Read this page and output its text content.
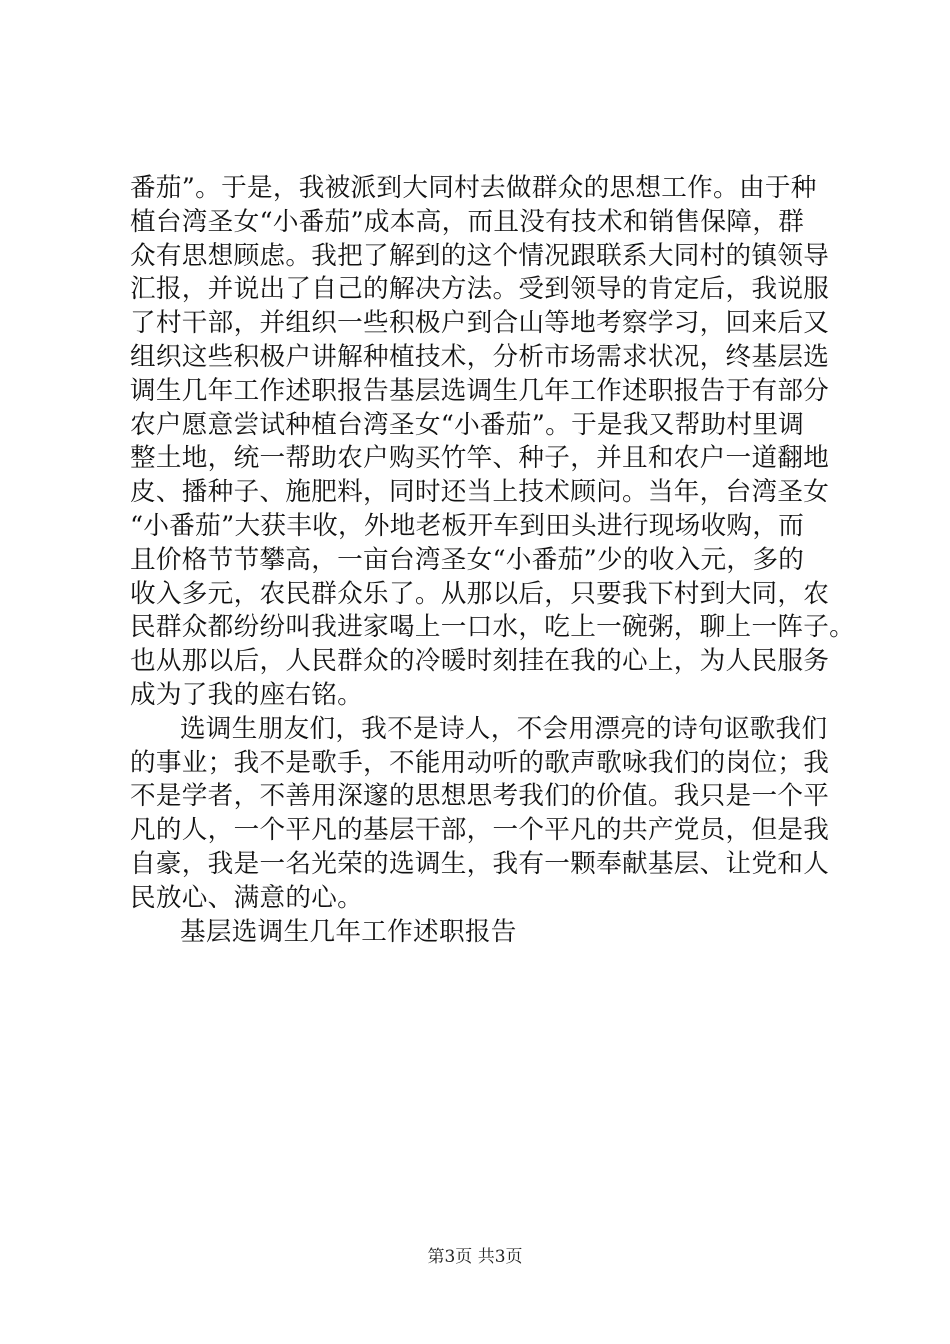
番茄”。于是，我被派到大同村去做群众的思想工作。由于种
植台湾圣女“小番茄”成本高，而且没有技术和销售保障，群
众有思想顾虑。我把了解到的这个情况跟联系大同村的镇领导
汇报，并说出了自己的解决方法。受到领导的肯定后，我说服
了村干部，并组织一些积极户到合山等地考察学习，回来后又
组织这些积极户讲解种植技术，分析市场需求状况，终基层选
调生几年工作述职报告基层选调生几年工作述职报告于有部分
农户愿意尝试种植台湾圣女“小番茄”。于是我又帮助村里调
整土地，统一帮助农户购买竹竿、种子，并且和农户一道翻地
皮、播种子、施肥料，同时还当上技术顾问。当年，台湾圣女
“小番茄”大获丰收，外地老板开车到田头进行现场收购，而
且价格节节攀高，一亩台湾圣女“小番茄”少的收入元，多的
收入多元，农民群众乐了。从那以后，只要我下村到大同，农
民群众都纷纷叫我进家喝上一口水，吃上一碗粥，聊上一阵子。
也从那以后，人民群众的冷暖时刻挂在我的心上，为人民服务
成为了我的座右铭。
选调生朋友们，我不是诗人，不会用漂亮的诗句讴歌我们
的事业；我不是歌手，不能用动听的歌声歌咏我们的岗位；我
不是学者，不善用深邃的思想思考我们的价值。我只是一个平
凡的人，一个平凡的基层干部，一个平凡的共产党员，但是我
自豪，我是一名光荣的选调生，我有一颗奉献基层、让党和人
民放心、满意的心。
基层选调生几年工作述职报告
第3页 共3页
